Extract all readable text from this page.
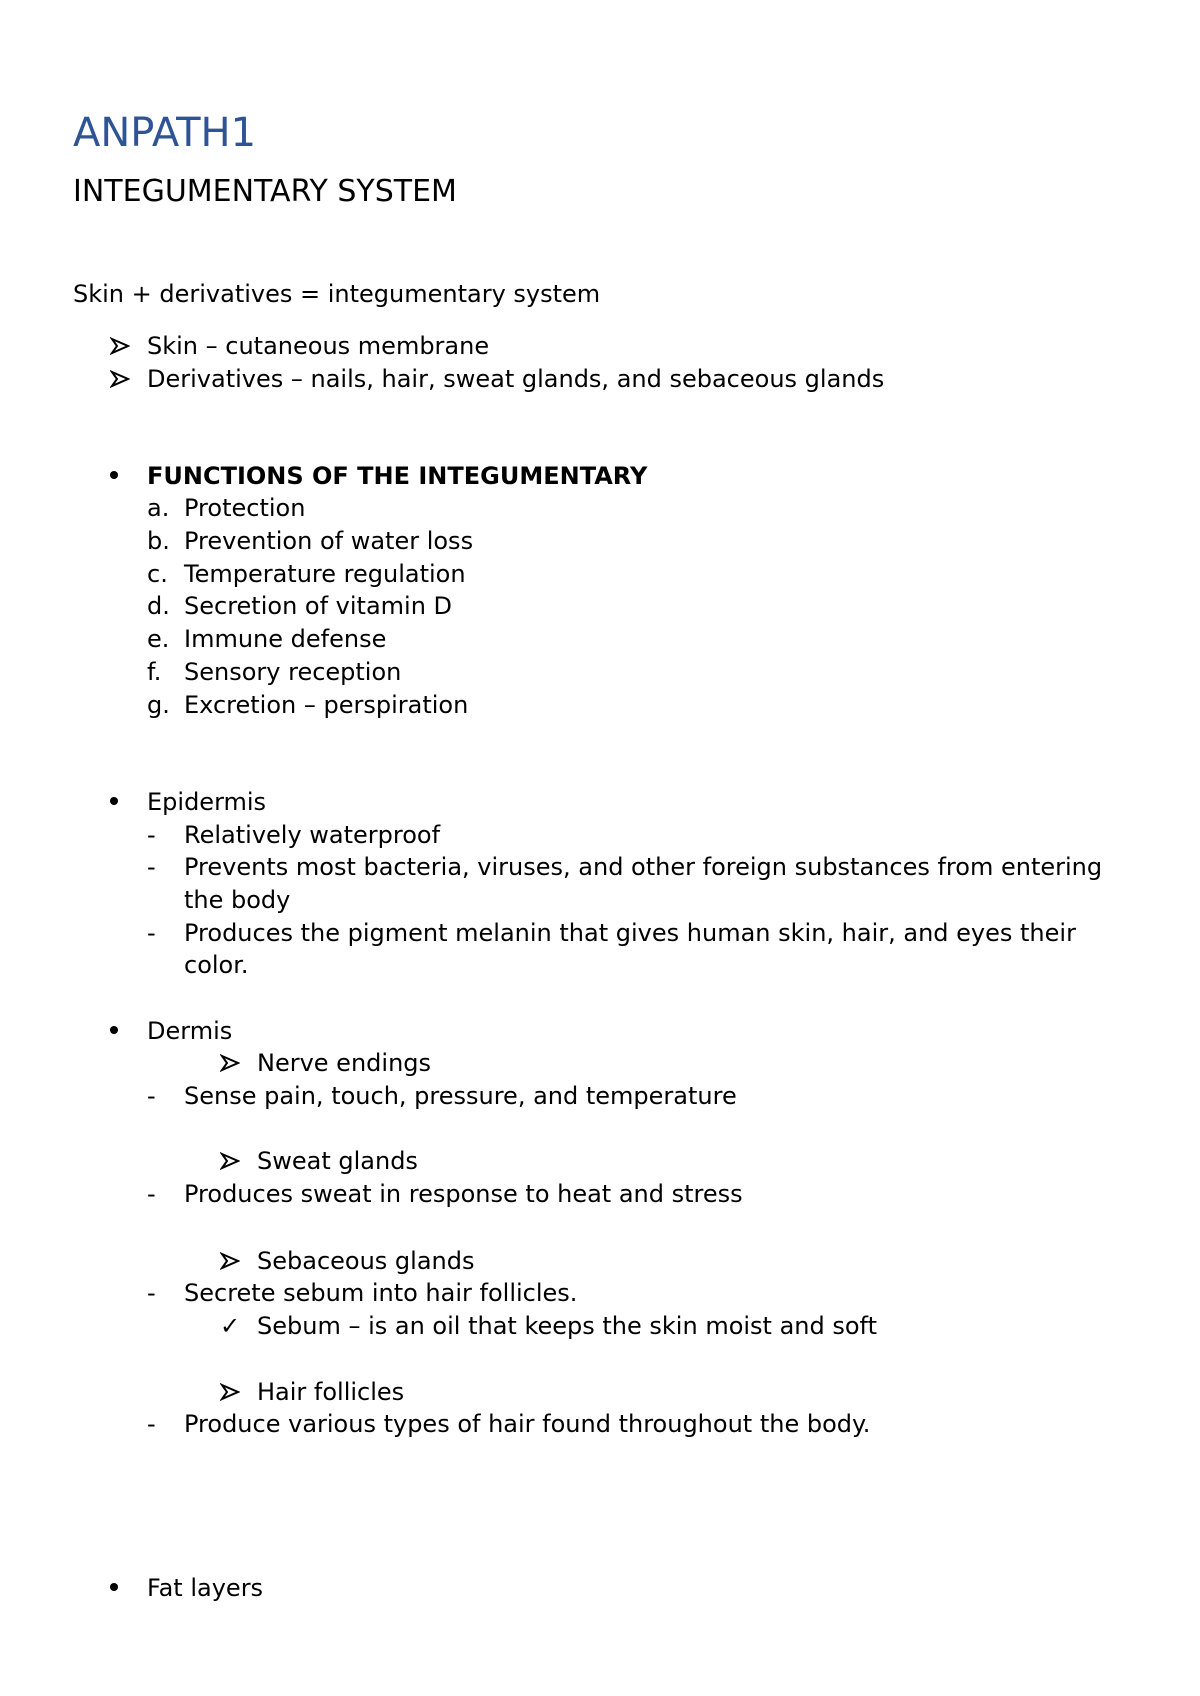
ANPATH1
INTEGUMENTARY SYSTEM
Skin + derivatives = integumentary system
Skin – cutaneous membrane
Derivatives – nails, hair, sweat glands, and sebaceous glands
FUNCTIONS OF THE INTEGUMENTARY
a. Protection
b. Prevention of water loss
c. Temperature regulation
d. Secretion of vitamin D
e. Immune defense
f. Sensory reception
g. Excretion – perspiration
Epidermis
- Relatively waterproof
- Prevents most bacteria, viruses, and other foreign substances from entering
the body
- Produces the pigment melanin that gives human skin, hair, and eyes their
color.
Dermis
Nerve endings
- Sense pain, touch, pressure, and temperature
Sweat glands
- Produces sweat in response to heat and stress
Sebaceous glands
- Secrete sebum into hair follicles.
✓ Sebum – is an oil that keeps the skin moist and soft
Hair follicles
- Produce various types of hair found throughout the body.
Fat layers
